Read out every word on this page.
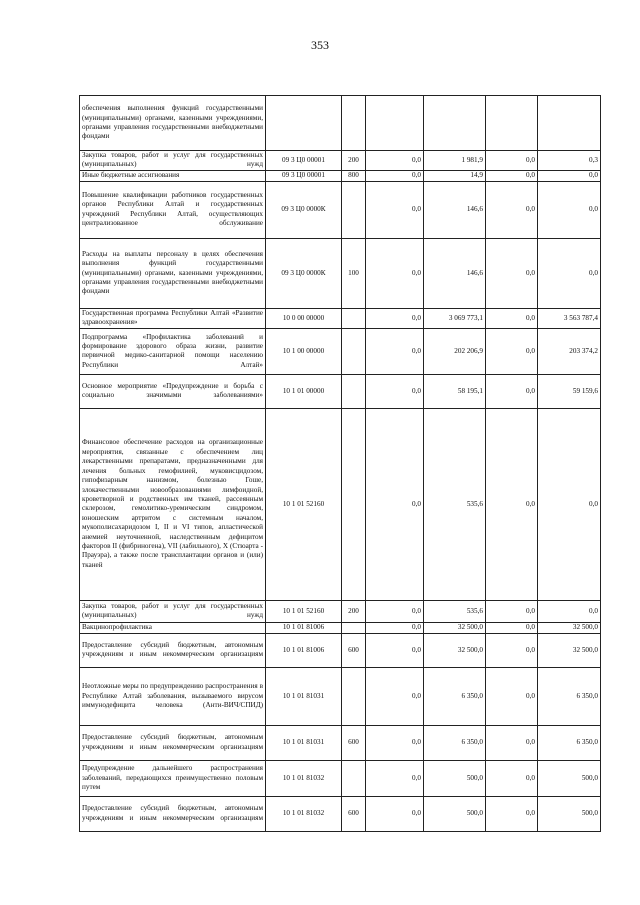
353
обеспечения выполнения функций государственными (муниципальными) органами, казенными учреждениями, органами управления государственными внебюджетными фондами						
Закупка товаров, работ и услуг для государственных (муниципальных) нужд	09 3 Ц0 00001	200	0,0	1 981,9	0,0	0,3
Иные бюджетные ассигнования	09 3 Ц0 00001	800	0,0	14,9	0,0	0,0
Повышение квалификации работников государственных органов Республики Алтай и государственных учреждений Республики Алтай, осуществляющих централизованное обслуживание	09 3 Ц0 0000К		0,0	146,6	0,0	0,0
Расходы на выплаты персоналу в целях обеспечения выполнения функций государственными (муниципальными) органами, казенными учреждениями, органами управления государственными внебюджетными фондами	09 3 Ц0 0000К	100	0,0	146,6	0,0	0,0
Государственная программа Республики Алтай «Развитие здравоохранения»	10 0 00 00000		0,0	3 069 773,1	0,0	3 563 787,4
Подпрограмма «Профилактика заболеваний и формирование здорового образа жизни, развитие первичной медико-санитарной помощи населению Республики Алтай»	10 1 00 00000		0,0	202 206,9	0,0	203 374,2
Основное мероприятие «Предупреждение и борьба с социально значимыми заболеваниями»	10 1 01 00000		0,0	58 195,1	0,0	59 159,6
Финансовое обеспечение расходов на организационные мероприятия, связанные с обеспечением лиц лекарственными препаратами, предназначенными для лечения больных гемофилией, муковисцидозом, гипофизарным нанизмом, болезнью Гоше, злокачественными новообразованиями лимфоидной, кроветворной и родственных им тканей, рассеянным склерозом, гемолитико-уремическим синдромом, юношеским артритом с системным началом, мукополисахаридозом I, II и VI типов, апластической анемией неуточненной, наследственным дефицитом факторов II (фибриногена), VII (лабильного), X (Стюарта - Прауэра), а также после трансплантации органов и (или) тканей	10 1 01 52160		0,0	535,6	0,0	0,0
Закупка товаров, работ и услуг для государственных (муниципальных) нужд	10 1 01 52160	200	0,0	535,6	0,0	0,0
Вакцинопрофилактика	10 1 01 81006		0,0	32 500,0	0,0	32 500,0
Предоставление субсидий бюджетным, автономным учреждениям и иным некоммерческим организациям	10 1 01 81006	600	0,0	32 500,0	0,0	32 500,0
Неотложные меры по предупреждению распространения в Республике Алтай заболевания, вызываемого вирусом иммунодефицита человека (Анти-ВИЧ/СПИД)	10 1 01 81031		0,0	6 350,0	0,0	6 350,0
Предоставление субсидий бюджетным, автономным учреждениям и иным некоммерческим организациям	10 1 01 81031	600	0,0	6 350,0	0,0	6 350,0
Предупреждение дальнейшего распространения заболеваний, передающихся преимущественно половым путем	10 1 01 81032		0,0	500,0	0,0	500,0
Предоставление субсидий бюджетным, автономным учреждениям и иным некоммерческим организациям	10 1 01 81032	600	0,0	500,0	0,0	500,0
